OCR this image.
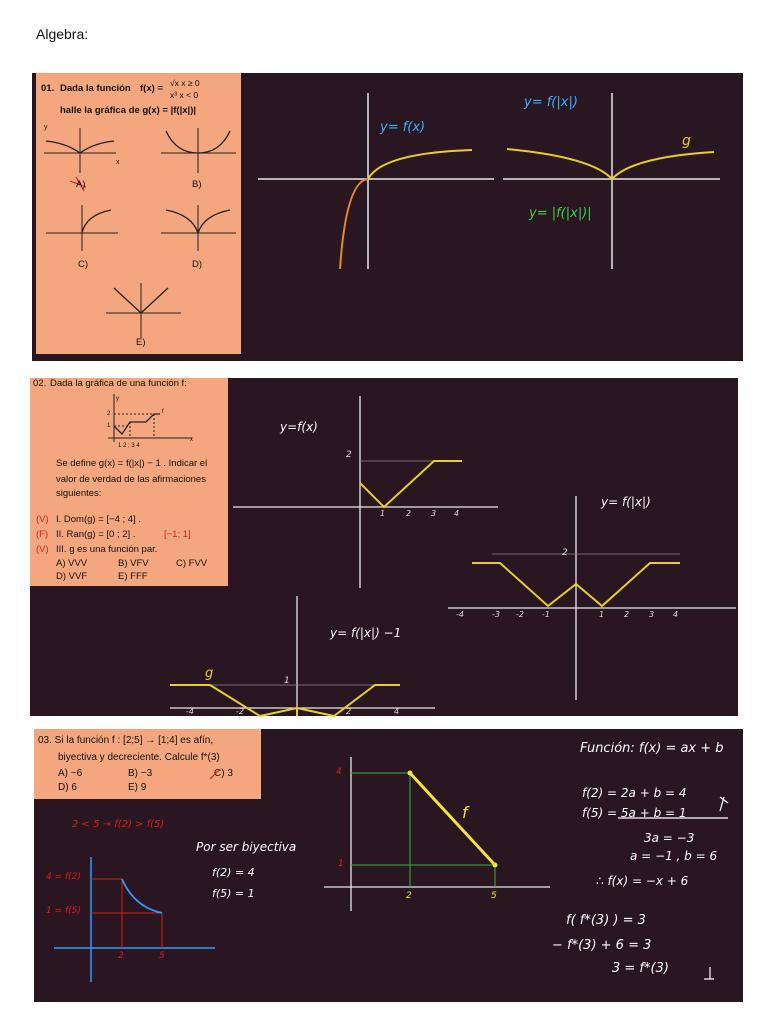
Algebra:
01. Dada la función f(x) = √x x ≥ 0
x³ x < 0
halle la gráfica de g(x) = |f(|x|)|
y
x
A)	B)
C)	D)
E)
y= f(x)
y= f(|x|)
y= |f(|x|)|
g
02. Dada la gráfica de una función f:
y
x
f
2
1
1 2 ; 3 4
Se define g(x) = f(|x|) − 1 . Indicar el
valor de verdad de las afirmaciones
siguientes:
(V) I. Dom(g) = [−4 ; 4] .
(F) II. Ran(g) = [0 ; 2] .	[−1; 1]
(V) III. g es una función par.
A) VVV	B) VFV	C) FVV
D) VVF	E) FFF
y=f(x)
y= f(|x|)
y= f(|x|) −1
g
2
2
1
1	2 3 4
-4	-3 -2 -1	1 2 3 4
-4	-2	2	4
03. Si la función f : [2;5] → [1;4] es afín,
biyectiva y decreciente. Calcule f*(3)
A) −6	B) −3	C) 3
D) 6	E) 9
2 < 5 → f(2) > f(5)
Por ser biyectiva
f(2) = 4
f(5) = 1
4 = f(2)
1 = f(5)
2	5
4
1
2	5
f
Función: f(x) = ax + b
f(2) = 2a + b = 4
f(5) = 5a + b = 1
3a = −3
a = −1 , b = 6
∴ f(x) = −x + 6
f( f*(3) ) = 3
− f*(3) + 6 = 3
3 = f*(3)
